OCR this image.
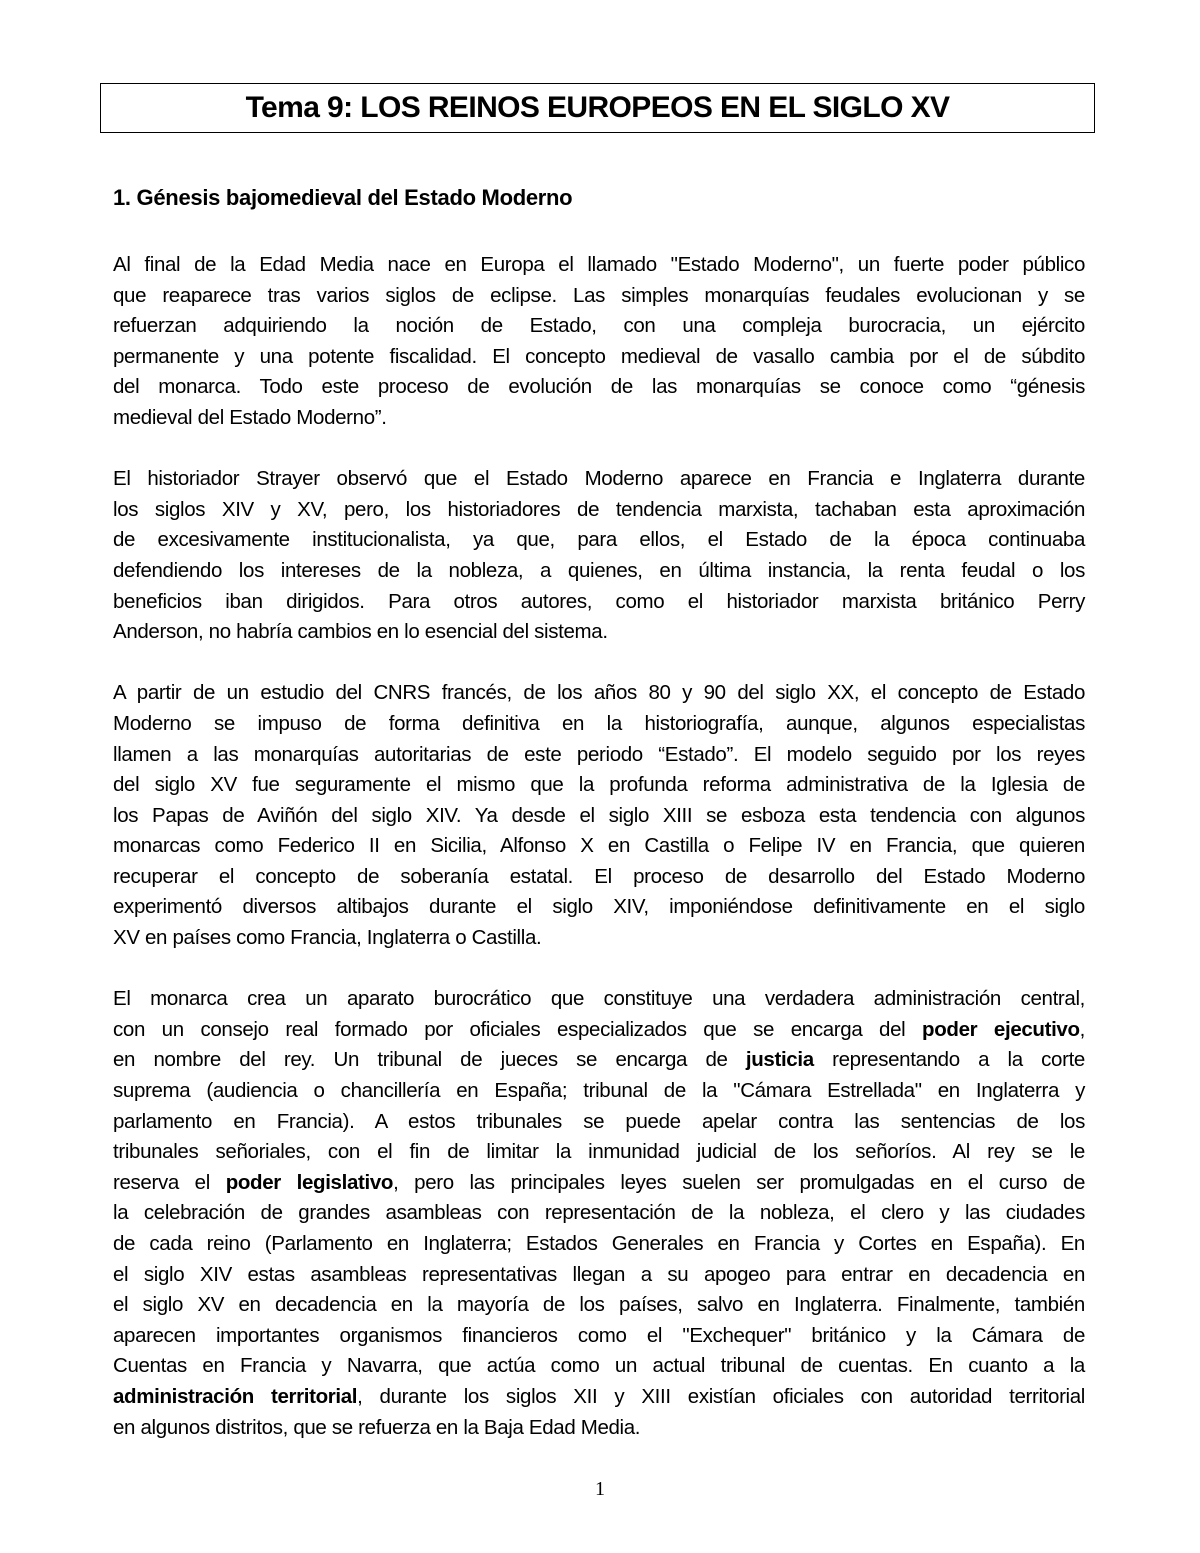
Tema 9: LOS REINOS EUROPEOS EN EL SIGLO XV
1. Génesis bajomedieval del Estado Moderno
Al final de la Edad Media nace en Europa el llamado "Estado Moderno", un fuerte poder público
que reaparece tras varios siglos de eclipse. Las simples monarquías feudales evolucionan y se
refuerzan adquiriendo la noción de Estado, con una compleja burocracia, un ejército
permanente y una potente fiscalidad. El concepto medieval de vasallo cambia por el de súbdito
del monarca. Todo este proceso de evolución de las monarquías se conoce como “génesis
medieval del Estado Moderno”.
El historiador Strayer observó que el Estado Moderno aparece en Francia e Inglaterra durante
los siglos XIV y XV, pero, los historiadores de tendencia marxista, tachaban esta aproximación
de excesivamente institucionalista, ya que, para ellos, el Estado de la época continuaba
defendiendo los intereses de la nobleza, a quienes, en última instancia, la renta feudal o los
beneficios iban dirigidos. Para otros autores, como el historiador marxista británico Perry
Anderson, no habría cambios en lo esencial del sistema.
A partir de un estudio del CNRS francés, de los años 80 y 90 del siglo XX, el concepto de Estado
Moderno se impuso de forma definitiva en la historiografía, aunque, algunos especialistas
llamen a las monarquías autoritarias de este periodo “Estado”. El modelo seguido por los reyes
del siglo XV fue seguramente el mismo que la profunda reforma administrativa de la Iglesia de
los Papas de Aviñón del siglo XIV. Ya desde el siglo XIII se esboza esta tendencia con algunos
monarcas como Federico II en Sicilia, Alfonso X en Castilla o Felipe IV en Francia, que quieren
recuperar el concepto de soberanía estatal. El proceso de desarrollo del Estado Moderno
experimentó diversos altibajos durante el siglo XIV, imponiéndose definitivamente en el siglo
XV en países como Francia, Inglaterra o Castilla.
El monarca crea un aparato burocrático que constituye una verdadera administración central,
con un consejo real formado por oficiales especializados que se encarga del poder ejecutivo,
en nombre del rey. Un tribunal de jueces se encarga de justicia representando a la corte
suprema (audiencia o chancillería en España; tribunal de la "Cámara Estrellada" en Inglaterra y
parlamento en Francia). A estos tribunales se puede apelar contra las sentencias de los
tribunales señoriales, con el fin de limitar la inmunidad judicial de los señoríos. Al rey se le
reserva el poder legislativo, pero las principales leyes suelen ser promulgadas en el curso de
la celebración de grandes asambleas con representación de la nobleza, el clero y las ciudades
de cada reino (Parlamento en Inglaterra; Estados Generales en Francia y Cortes en España). En
el siglo XIV estas asambleas representativas llegan a su apogeo para entrar en decadencia en
el siglo XV en decadencia en la mayoría de los países, salvo en Inglaterra. Finalmente, también
aparecen importantes organismos financieros como el "Exchequer" británico y la Cámara de
Cuentas en Francia y Navarra, que actúa como un actual tribunal de cuentas. En cuanto a la
administración territorial, durante los siglos XII y XIII existían oficiales con autoridad territorial
en algunos distritos, que se refuerza en la Baja Edad Media.
1
